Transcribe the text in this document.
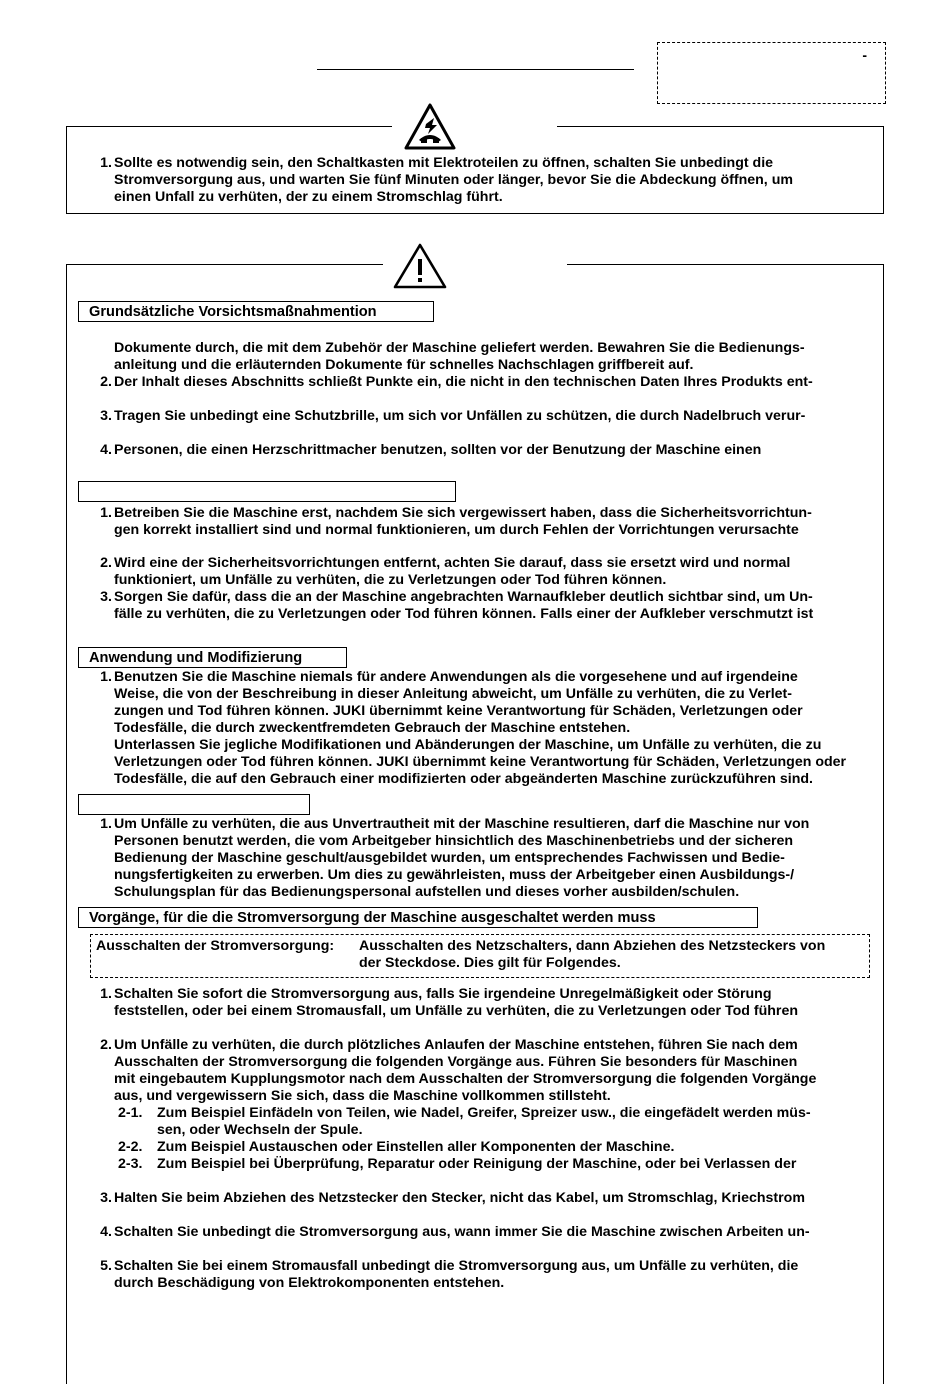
-
1. Sollte es notwendig sein, den Schaltkasten mit Elektroteilen zu öffnen, schalten Sie unbedingt die
Stromversorgung aus, und warten Sie fünf Minuten oder länger, bevor Sie die Abdeckung öffnen, um
einen Unfall zu verhüten, der zu einem Stromschlag führt.
Grundsätzliche Vorsichtsmaßnahmention
Dokumente durch, die mit dem Zubehör der Maschine geliefert werden. Bewahren Sie die Bedienungs-
anleitung und die erläuternden Dokumente für schnelles Nachschlagen griffbereit auf.
2. Der Inhalt dieses Abschnitts schließt Punkte ein, die nicht in den technischen Daten Ihres Produkts ent-
3. Tragen Sie unbedingt eine Schutzbrille, um sich vor Unfällen zu schützen, die durch Nadelbruch verur-
4. Personen, die einen Herzschrittmacher benutzen, sollten vor der Benutzung der Maschine einen
1. Betreiben Sie die Maschine erst, nachdem Sie sich vergewissert haben, dass die Sicherheitsvorrichtun-
gen korrekt installiert sind und normal funktionieren, um durch Fehlen der Vorrichtungen verursachte
2. Wird eine der Sicherheitsvorrichtungen entfernt, achten Sie darauf, dass sie ersetzt wird und normal
funktioniert, um Unfälle zu verhüten, die zu Verletzungen oder Tod führen können.
3. Sorgen Sie dafür, dass die an der Maschine angebrachten Warnaufkleber deutlich sichtbar sind, um Un-
fälle zu verhüten, die zu Verletzungen oder Tod führen können. Falls einer der Aufkleber verschmutzt ist
Anwendung und Modifizierung
1. Benutzen Sie die Maschine niemals für andere Anwendungen als die vorgesehene und auf irgendeine
Weise, die von der Beschreibung in dieser Anleitung abweicht, um Unfälle zu verhüten, die zu Verlet-
zungen und Tod führen können. JUKI übernimmt keine Verantwortung für Schäden, Verletzungen oder
Todesfälle, die durch zweckentfremdeten Gebrauch der Maschine entstehen.
Unterlassen Sie jegliche Modifikationen und Abänderungen der Maschine, um Unfälle zu verhüten, die zu
Verletzungen oder Tod führen können. JUKI übernimmt keine Verantwortung für Schäden, Verletzungen oder
Todesfälle, die auf den Gebrauch einer modifizierten oder abgeänderten Maschine zurückzuführen sind.
1. Um Unfälle zu verhüten, die aus Unvertrautheit mit der Maschine resultieren, darf die Maschine nur von
Personen benutzt werden, die vom Arbeitgeber hinsichtlich des Maschinenbetriebs und der sicheren
Bedienung der Maschine geschult/ausgebildet wurden, um entsprechendes Fachwissen und Bedie-
nungsfertigkeiten zu erwerben. Um dies zu gewährleisten, muss der Arbeitgeber einen Ausbildungs-/
Schulungsplan für das Bedienungspersonal aufstellen und dieses vorher ausbilden/schulen.
Vorgänge, für die die Stromversorgung der Maschine ausgeschaltet werden muss
Ausschalten der Stromversorgung:	Ausschalten des Netzschalters, dann Abziehen des Netzsteckers von
der Steckdose. Dies gilt für Folgendes.
1. Schalten Sie sofort die Stromversorgung aus, falls Sie irgendeine Unregelmäßigkeit oder Störung
feststellen, oder bei einem Stromausfall, um Unfälle zu verhüten, die zu Verletzungen oder Tod führen
2. Um Unfälle zu verhüten, die durch plötzliches Anlaufen der Maschine entstehen, führen Sie nach dem
Ausschalten der Stromversorgung die folgenden Vorgänge aus. Führen Sie besonders für Maschinen
mit eingebautem Kupplungsmotor nach dem Ausschalten der Stromversorgung die folgenden Vorgänge
aus, und vergewissern Sie sich, dass die Maschine vollkommen stillsteht.
2-1.	Zum Beispiel Einfädeln von Teilen, wie Nadel, Greifer, Spreizer usw., die eingefädelt werden müs-
sen, oder Wechseln der Spule.
2-2.	Zum Beispiel Austauschen oder Einstellen aller Komponenten der Maschine.
2-3.	Zum Beispiel bei Überprüfung, Reparatur oder Reinigung der Maschine, oder bei Verlassen der
3. Halten Sie beim Abziehen des Netzstecker den Stecker, nicht das Kabel, um Stromschlag, Kriechstrom
4. Schalten Sie unbedingt die Stromversorgung aus, wann immer Sie die Maschine zwischen Arbeiten un-
5. Schalten Sie bei einem Stromausfall unbedingt die Stromversorgung aus, um Unfälle zu verhüten, die
durch Beschädigung von Elektrokomponenten entstehen.
